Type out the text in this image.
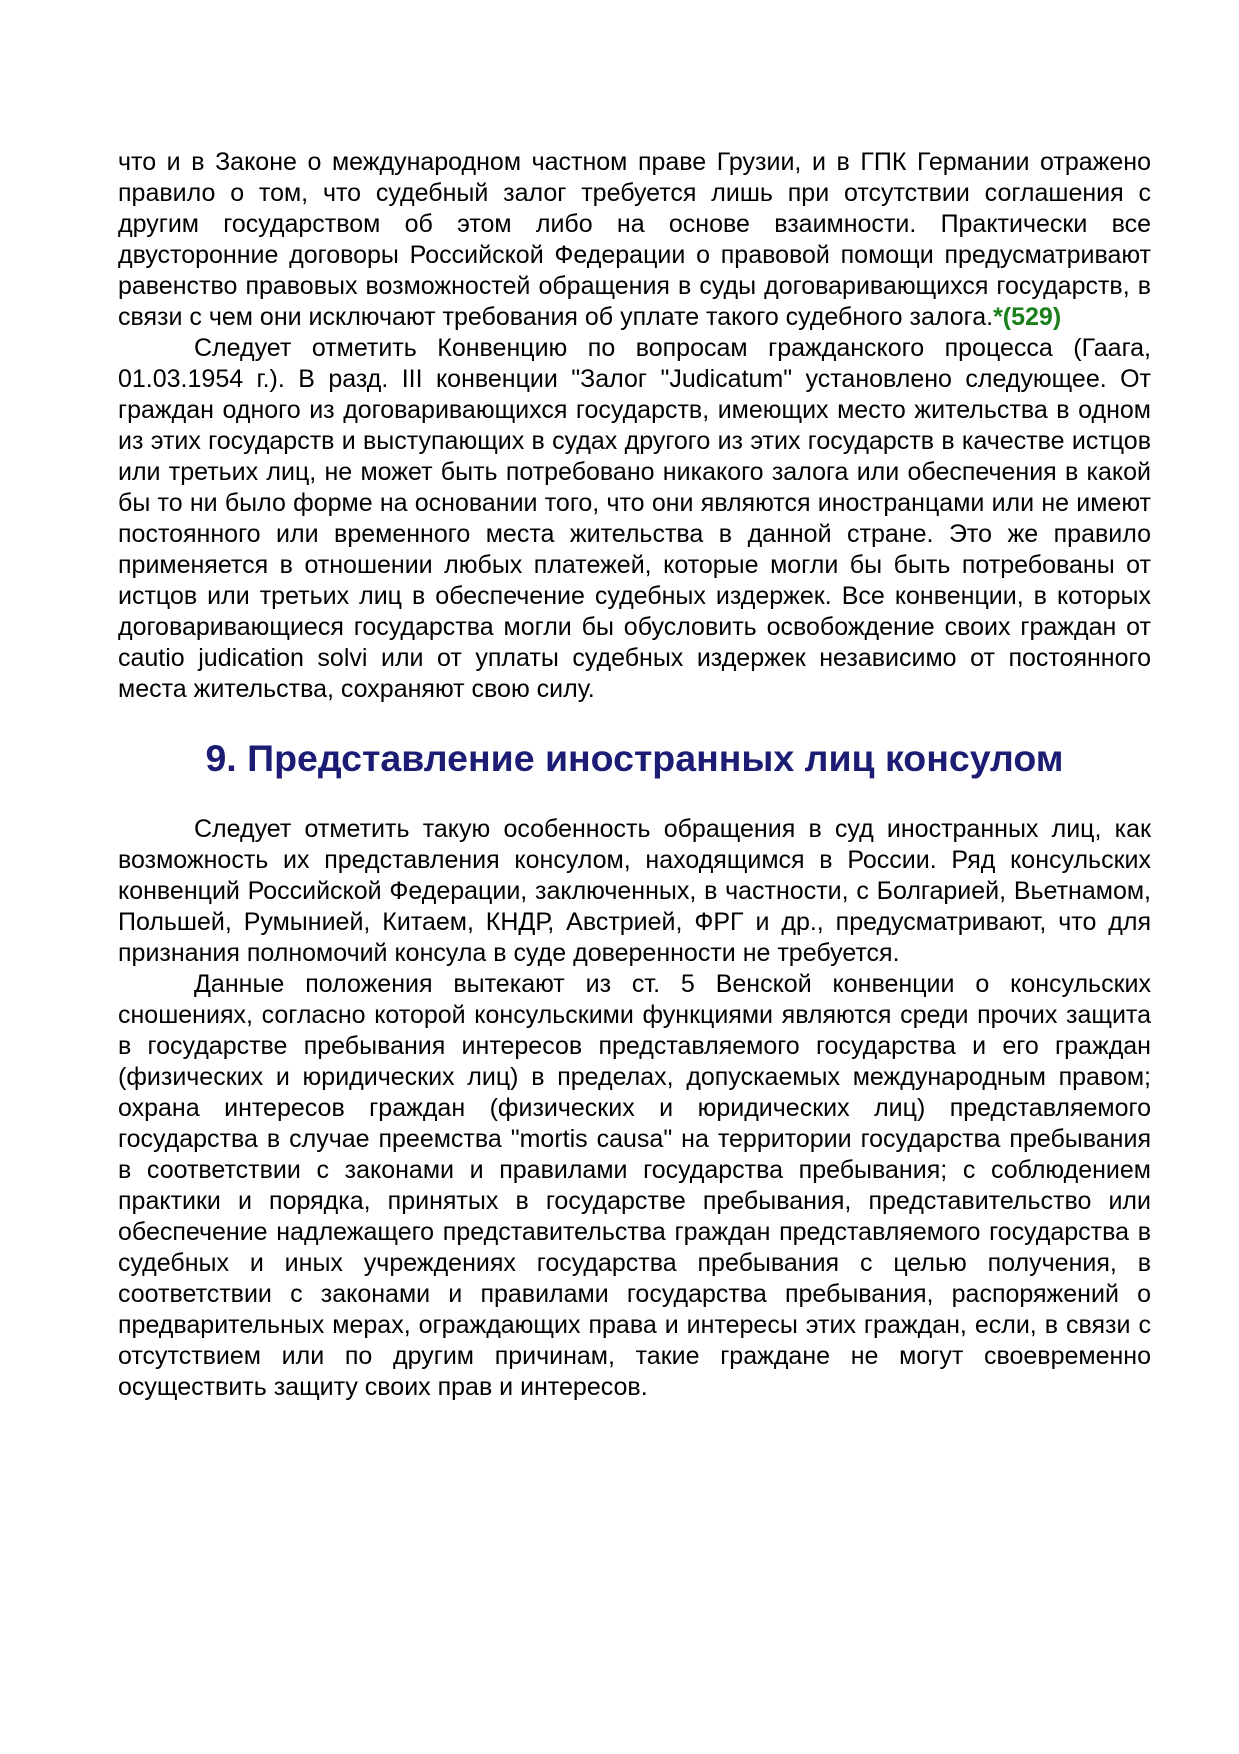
что и в Законе о международном частном праве Грузии, и в ГПК Германии отражено правило о том, что судебный залог требуется лишь при отсутствии соглашения с другим государством об этом либо на основе взаимности. Практически все двусторонние договоры Российской Федерации о правовой помощи предусматривают равенство правовых возможностей обращения в суды договаривающихся государств, в связи с чем они исключают требования об уплате такого судебного залога.*(529)

Следует отметить Конвенцию по вопросам гражданского процесса (Гаага, 01.03.1954 г.). В разд. III конвенции "Залог "Judicatum" установлено следующее. От граждан одного из договаривающихся государств, имеющих место жительства в одном из этих государств и выступающих в судах другого из этих государств в качестве истцов или третьих лиц, не может быть потребовано никакого залога или обеспечения в какой бы то ни было форме на основании того, что они являются иностранцами или не имеют постоянного или временного места жительства в данной стране. Это же правило применяется в отношении любых платежей, которые могли бы быть потребованы от истцов или третьих лиц в обеспечение судебных издержек. Все конвенции, в которых договаривающиеся государства могли бы обусловить освобождение своих граждан от cautio judication solvi или от уплаты судебных издержек независимо от постоянного места жительства, сохраняют свою силу.

9. Представление иностранных лиц консулом

Следует отметить такую особенность обращения в суд иностранных лиц, как возможность их представления консулом, находящимся в России. Ряд консульских конвенций Российской Федерации, заключенных, в частности, с Болгарией, Вьетнамом, Польшей, Румынией, Китаем, КНДР, Австрией, ФРГ и др., предусматривают, что для признания полномочий консула в суде доверенности не требуется.

Данные положения вытекают из ст. 5 Венской конвенции о консульских сношениях, согласно которой консульскими функциями являются среди прочих защита в государстве пребывания интересов представляемого государства и его граждан (физических и юридических лиц) в пределах, допускаемых международным правом; охрана интересов граждан (физических и юридических лиц) представляемого государства в случае преемства "mortis causa" на территории государства пребывания в соответствии с законами и правилами государства пребывания; с соблюдением практики и порядка, принятых в государстве пребывания, представительство или обеспечение надлежащего представительства граждан представляемого государства в судебных и иных учреждениях государства пребывания с целью получения, в соответствии с законами и правилами государства пребывания, распоряжений о предварительных мерах, ограждающих права и интересы этих граждан, если, в связи с отсутствием или по другим причинам, такие граждане не могут своевременно осуществить защиту своих прав и интересов.
